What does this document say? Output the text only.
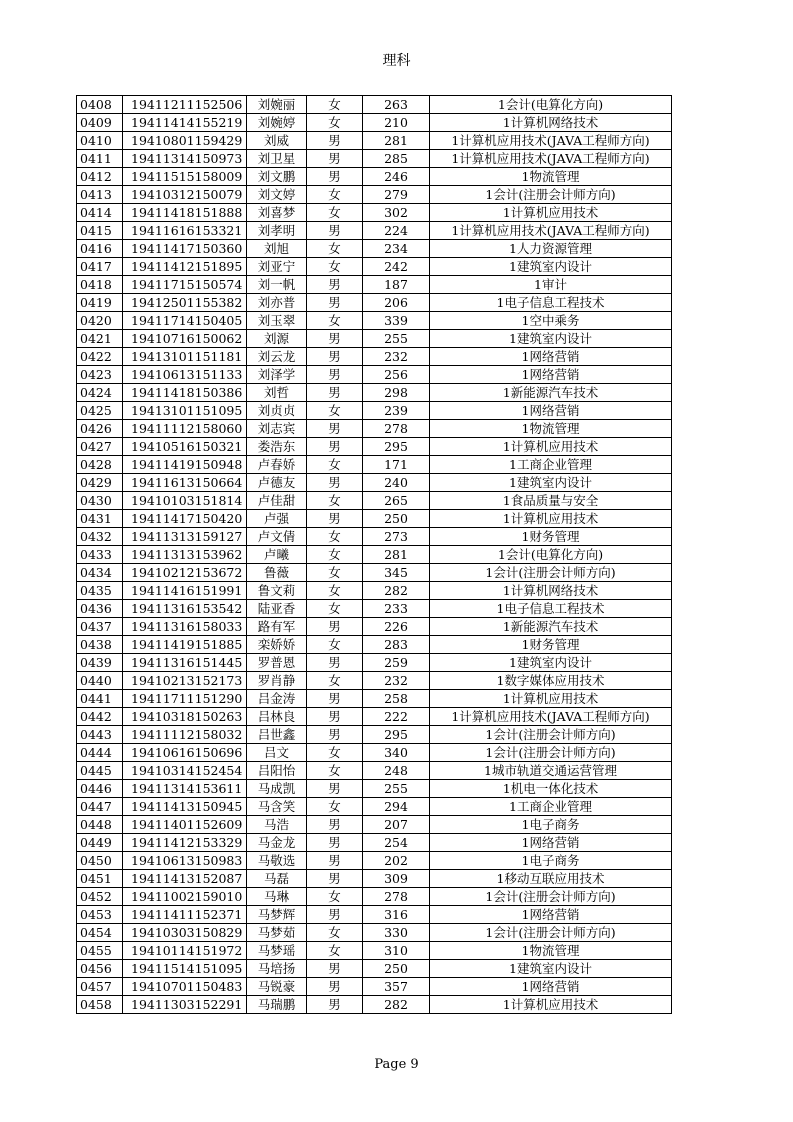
理科
0408	19411211152506	刘婉丽	女	263	1会计(电算化方向)
0409	19411414155219	刘婉婷	女	210	1计算机网络技术
0410	19410801159429	刘威	男	281	1计算机应用技术(JAVA工程师方向)
0411	19411314150973	刘卫星	男	285	1计算机应用技术(JAVA工程师方向)
0412	19411515158009	刘文鹏	男	246	1物流管理
0413	19410312150079	刘文婷	女	279	1会计(注册会计师方向)
0414	19411418151888	刘喜梦	女	302	1计算机应用技术
0415	19411616153321	刘孝明	男	224	1计算机应用技术(JAVA工程师方向)
0416	19411417150360	刘旭	女	234	1人力资源管理
0417	19411412151895	刘亚宁	女	242	1建筑室内设计
0418	19411715150574	刘一帆	男	187	1审计
0419	19412501155382	刘亦普	男	206	1电子信息工程技术
0420	19411714150405	刘玉翠	女	339	1空中乘务
0421	19410716150062	刘源	男	255	1建筑室内设计
0422	19413101151181	刘云龙	男	232	1网络营销
0423	19410613151133	刘泽学	男	256	1网络营销
0424	19411418150386	刘哲	男	298	1新能源汽车技术
0425	19413101151095	刘贞贞	女	239	1网络营销
0426	19411112158060	刘志宾	男	278	1物流管理
0427	19410516150321	娄浩东	男	295	1计算机应用技术
0428	19411419150948	卢春娇	女	171	1工商企业管理
0429	19411613150664	卢德友	男	240	1建筑室内设计
0430	19410103151814	卢佳甜	女	265	1食品质量与安全
0431	19411417150420	卢强	男	250	1计算机应用技术
0432	19411313159127	卢文倩	女	273	1财务管理
0433	19411313153962	卢曦	女	281	1会计(电算化方向)
0434	19410212153672	鲁薇	女	345	1会计(注册会计师方向)
0435	19411416151991	鲁文莉	女	282	1计算机网络技术
0436	19411316153542	陆亚香	女	233	1电子信息工程技术
0437	19411316158033	路有军	男	226	1新能源汽车技术
0438	19411419151885	栾娇娇	女	283	1财务管理
0439	19411316151445	罗普恩	男	259	1建筑室内设计
0440	19410213152173	罗肖静	女	232	1数字媒体应用技术
0441	19411711151290	吕金涛	男	258	1计算机应用技术
0442	19410318150263	吕林良	男	222	1计算机应用技术(JAVA工程师方向)
0443	19411112158032	吕世鑫	男	295	1会计(注册会计师方向)
0444	19410616150696	吕文	女	340	1会计(注册会计师方向)
0445	19410314152454	吕阳怡	女	248	1城市轨道交通运营管理
0446	19411314153611	马成凯	男	255	1机电一体化技术
0447	19411413150945	马含笑	女	294	1工商企业管理
0448	19411401152609	马浩	男	207	1电子商务
0449	19411412153329	马金龙	男	254	1网络营销
0450	19410613150983	马敬选	男	202	1电子商务
0451	19411413152087	马磊	男	309	1移动互联应用技术
0452	19411002159010	马琳	女	278	1会计(注册会计师方向)
0453	19411411152371	马梦辉	男	316	1网络营销
0454	19410303150829	马梦茹	女	330	1会计(注册会计师方向)
0455	19410114151972	马梦瑶	女	310	1物流管理
0456	19411514151095	马培扬	男	250	1建筑室内设计
0457	19410701150483	马锐豪	男	357	1网络营销
0458	19411303152291	马瑞鹏	男	282	1计算机应用技术
Page 9
